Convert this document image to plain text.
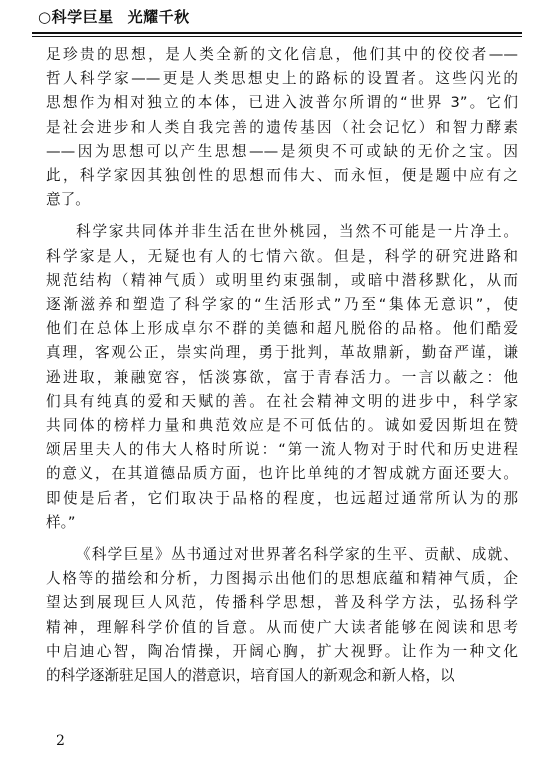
○科学巨星 光耀千秋
足珍贵的思想，是人类全新的文化信息，他们其中的佼佼者——
哲人科学家——更是人类思想史上的路标的设置者。这些闪光的
思想作为相对独立的本体，已进入波普尔所谓的“世界 3”。它们
是社会进步和人类自我完善的遗传基因（社会记忆）和智力酵素
——因为思想可以产生思想——是须臾不可或缺的无价之宝。因
此，科学家因其独创性的思想而伟大、而永恒，便是题中应有之
意了。
科学家共同体并非生活在世外桃园，当然不可能是一片净土。
科学家是人，无疑也有人的七情六欲。但是，科学的研究进路和
规范结构（精神气质）或明里约束强制，或暗中潜移默化，从而
逐渐滋养和塑造了科学家的“生活形式”乃至“集体无意识”，使
他们在总体上形成卓尔不群的美德和超凡脱俗的品格。他们酷爱
真理，客观公正，崇实尚理，勇于批判，革故鼎新，勤奋严谨，谦
逊进取，兼融宽容，恬淡寡欲，富于青春活力。一言以蔽之：他
们具有纯真的爱和天赋的善。在社会精神文明的进步中，科学家
共同体的榜样力量和典范效应是不可低估的。诚如爱因斯坦在赞
颂居里夫人的伟大人格时所说：“第一流人物对于时代和历史进程
的意义，在其道德品质方面，也许比单纯的才智成就方面还要大。
即使是后者，它们取决于品格的程度，也远超过通常所认为的那
样。”
《科学巨星》丛书通过对世界著名科学家的生平、贡献、成就、
人格等的描绘和分析，力图揭示出他们的思想底蕴和精神气质，企
望达到展现巨人风范，传播科学思想，普及科学方法，弘扬科学
精神，理解科学价值的旨意。从而使广大读者能够在阅读和思考
中启迪心智，陶冶情操，开阔心胸，扩大视野。让作为一种文化
的科学逐渐驻足国人的潜意识，培育国人的新观念和新人格，以
2
